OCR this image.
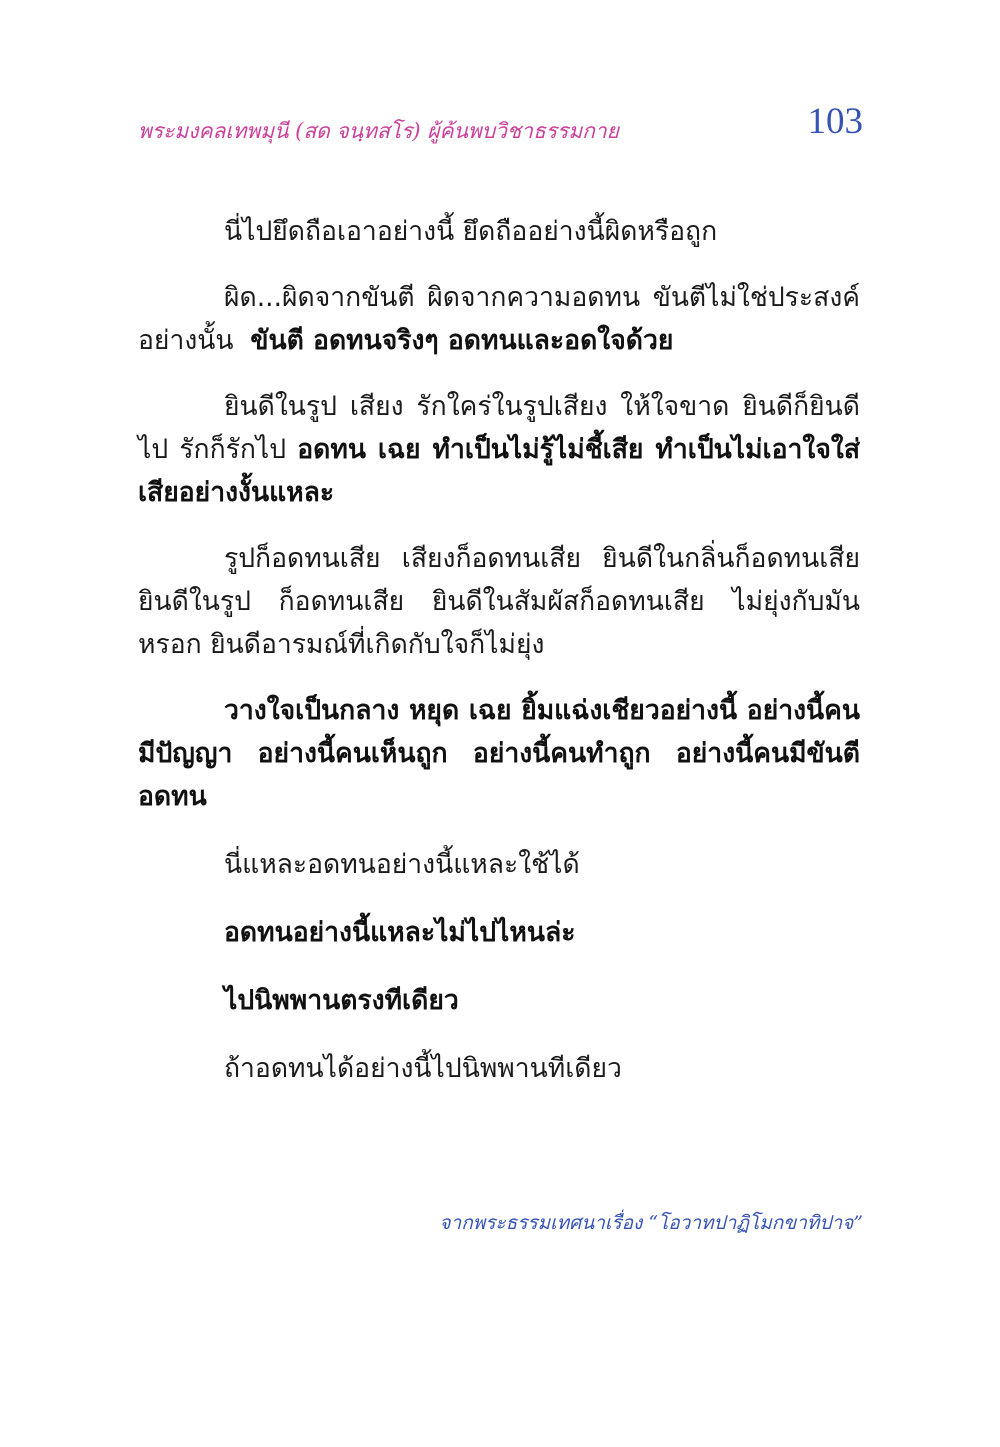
พระมงคลเทพมุนี (สด จนฺทสโร) ผู้ค้นพบวิชาธรรมกาย	103

นี่ไปยึดถือเอาอย่างนี้ ยึดถืออย่างนี้ผิดหรือถูก

ผิด...ผิดจากขันตี ผิดจากความอดทน ขันตีไม่ใช่ประสงค์อย่างนั้น ขันตี อดทนจริงๆ อดทนและอดใจด้วย

ยินดีในรูป เสียง รักใคร่ในรูปเสียง ให้ใจขาด ยินดีก็ยินดีไป รักก็รักไป อดทน เฉย ทำเป็นไม่รู้ไม่ชี้เสีย ทำเป็นไม่เอาใจใส่เสียอย่างงั้นแหละ

รูปก็อดทนเสีย เสียงก็อดทนเสีย ยินดีในกลิ่นก็อดทนเสีย ยินดีในรูป ก็อดทนเสีย ยินดีในสัมผัสก็อดทนเสีย ไม่ยุ่งกับมันหรอก ยินดีอารมณ์ที่เกิดกับใจก็ไม่ยุ่ง

วางใจเป็นกลาง หยุด เฉย ยิ้มแฉ่งเชียวอย่างนี้ อย่างนี้คนมีปัญญา อย่างนี้คนเห็นถูก อย่างนี้คนทำถูก อย่างนี้คนมีขันตีอดทน

นี่แหละอดทนอย่างนี้แหละใช้ได้

อดทนอย่างนี้แหละไม่ไปไหนล่ะ

ไปนิพพานตรงทีเดียว

ถ้าอดทนได้อย่างนี้ไปนิพพานทีเดียว

จากพระธรรมเทศนาเรื่อง “โอวาทปาฏิโมกขาทิปาจ”
